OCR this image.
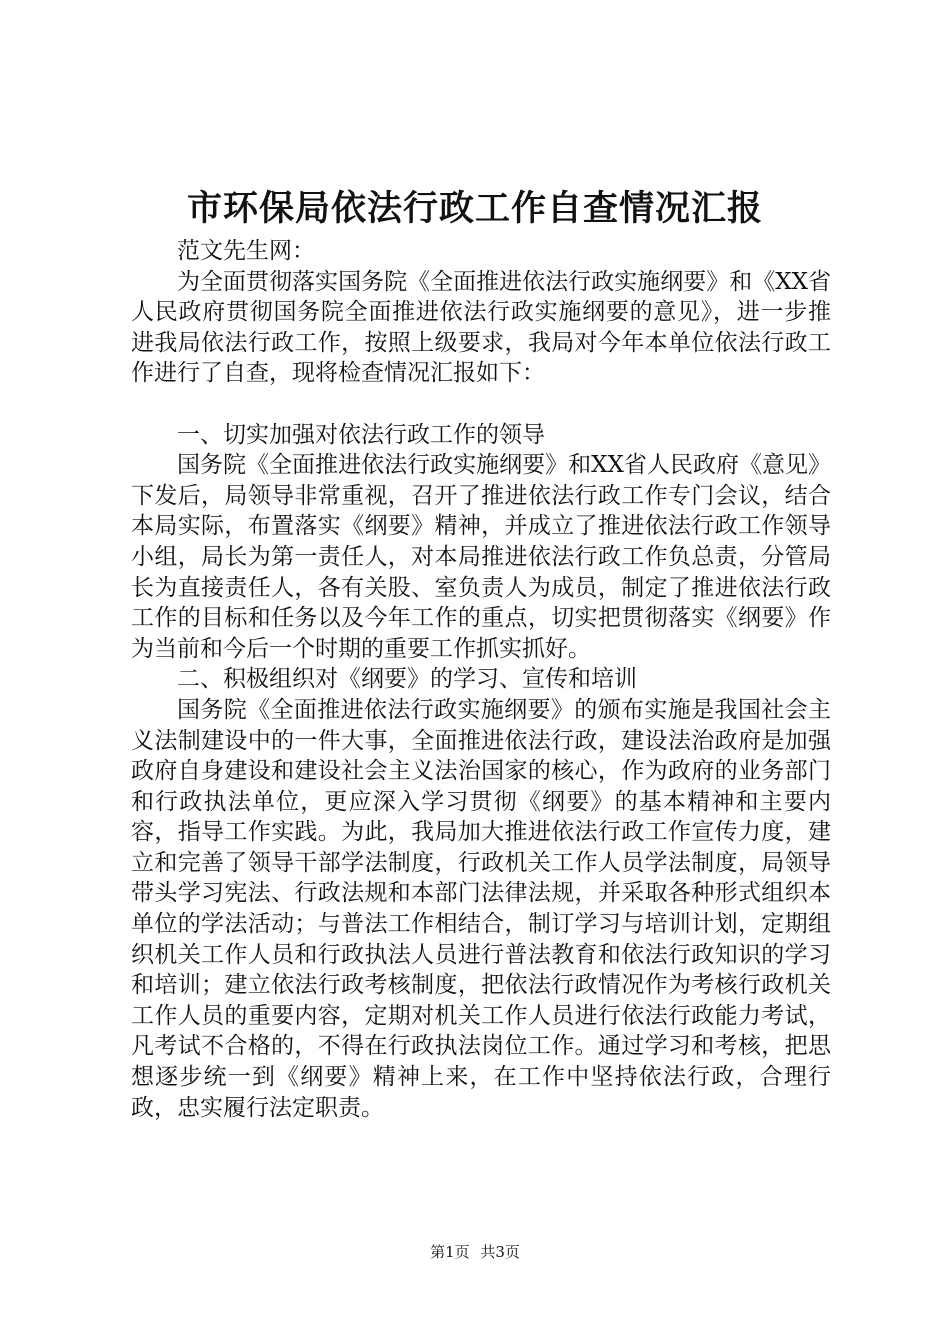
市环保局依法行政工作自查情况汇报

范文先生网：

为全面贯彻落实国务院《全面推进依法行政实施纲要》和《XX省人民政府贯彻国务院全面推进依法行政实施纲要的意见》，进一步推进我局依法行政工作，按照上级要求，我局对今年本单位依法行政工作进行了自查，现将检查情况汇报如下：

一、切实加强对依法行政工作的领导

国务院《全面推进依法行政实施纲要》和XX省人民政府《意见》下发后，局领导非常重视，召开了推进依法行政工作专门会议，结合本局实际，布置落实《纲要》精神，并成立了推进依法行政工作领导小组，局长为第一责任人，对本局推进依法行政工作负总责，分管局长为直接责任人，各有关股、室负责人为成员，制定了推进依法行政工作的目标和任务以及今年工作的重点，切实把贯彻落实《纲要》作为当前和今后一个时期的重要工作抓实抓好。

二、积极组织对《纲要》的学习、宣传和培训

国务院《全面推进依法行政实施纲要》的颁布实施是我国社会主义法制建设中的一件大事，全面推进依法行政，建设法治政府是加强政府自身建设和建设社会主义法治国家的核心，作为政府的业务部门和行政执法单位，更应深入学习贯彻《纲要》的基本精神和主要内容，指导工作实践。为此，我局加大推进依法行政工作宣传力度，建立和完善了领导干部学法制度，行政机关工作人员学法制度，局领导带头学习宪法、行政法规和本部门法律法规，并采取各种形式组织本单位的学法活动；与普法工作相结合，制订学习与培训计划，定期组织机关工作人员和行政执法人员进行普法教育和依法行政知识的学习和培训；建立依法行政考核制度，把依法行政情况作为考核行政机关工作人员的重要内容，定期对机关工作人员进行依法行政能力考试，凡考试不合格的，不得在行政执法岗位工作。通过学习和考核，把思想逐步统一到《纲要》精神上来，在工作中坚持依法行政，合理行政，忠实履行法定职责。

第1页 共3页
